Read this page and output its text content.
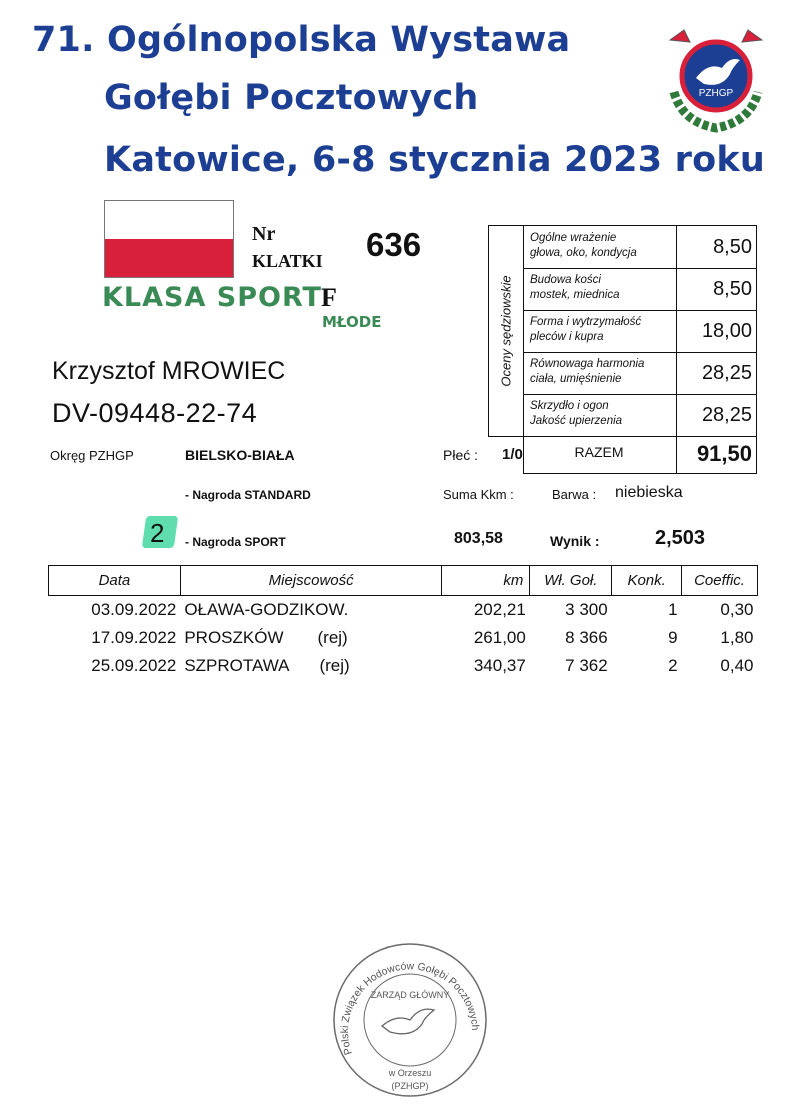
71. Ogólnopolska Wystawa
Gołębi Pocztowych
Katowice, 6-8 stycznia 2023 roku
PZHGP
Nr
KLATKI 636
KLASA SPORT F
MŁODE
Krzysztof MROWIEC
DV-09448-22-74
Oceny sędziowskie
Ogólne wrażenie
głowa, oko, kondycja	8,50
Budowa kości
mostek, miednica	8,50
Forma i wytrzymałość
pleców i kupra	18,00
Równowaga harmonia
ciała, umięśnienie	28,25
Skrzydło i ogon
Jakość upierzenia	28,25
RAZEM	91,50
Okręg PZHGP	BIELSKO-BIAŁA	Płeć : 1/0
- Nagroda STANDARD	Suma Kkm :	Barwa : niebieska
2 - Nagroda SPORT	803,58	Wynik :	2,503
Data	Miejscowość	km	Wł. Goł.	Konk.	Coeffic.
03.09.2022	OŁAWA-GODZIKOW.	202,21	3 300	1	0,30
17.09.2022	PROSZKÓW (rej)	261,00	8 366	9	1,80
25.09.2022	SZPROTAWA (rej)	340,37	7 362	2	0,40
Polski Związek Hodowców Gołębi Pocztowych
ZARZĄD GŁÓWNY
w Orzeszu
(PZHGP)
